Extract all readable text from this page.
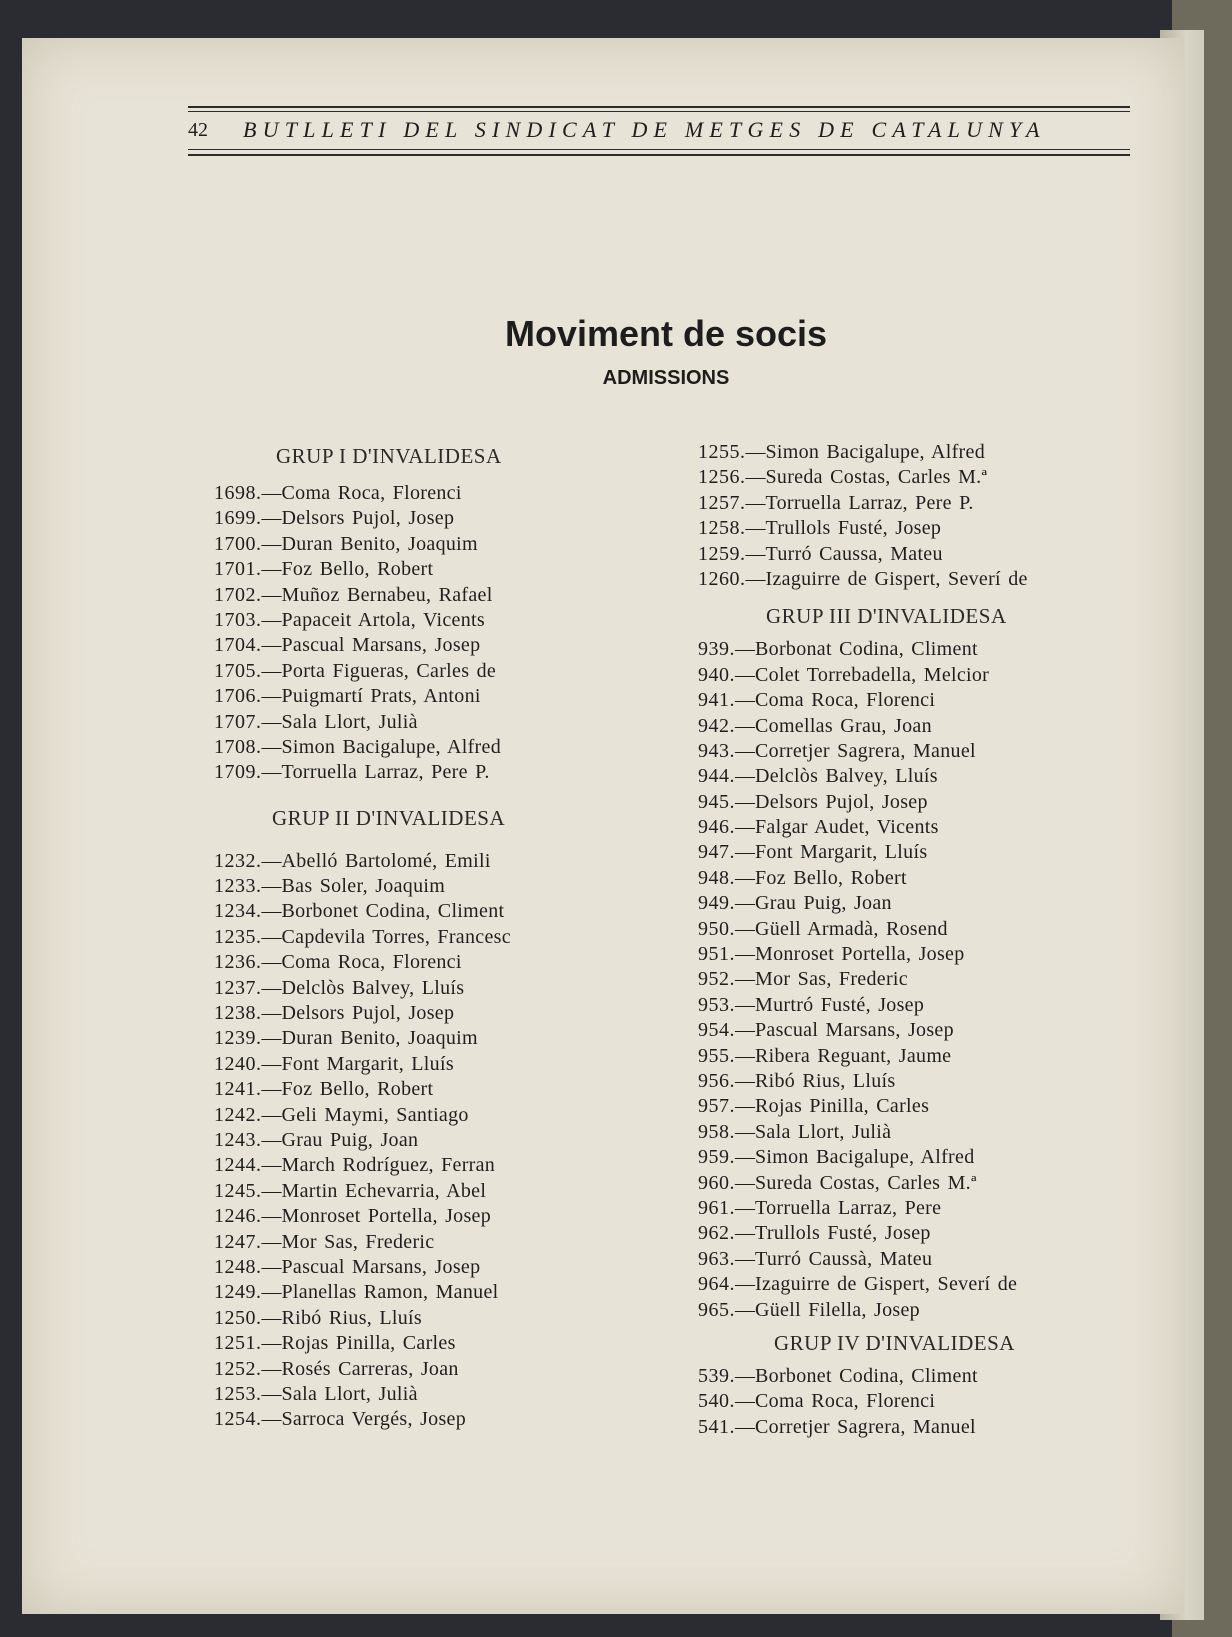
42 BUTLLETI DEL SINDICAT DE METGES DE CATALUNYA
Moviment de socis
ADMISSIONS
GRUP I D'INVALIDESA
1698.—Coma Roca, Florenci
1699.—Delsors Pujol, Josep
1700.—Duran Benito, Joaquim
1701.—Foz Bello, Robert
1702.—Muñoz Bernabeu, Rafael
1703.—Papaceit Artola, Vicents
1704.—Pascual Marsans, Josep
1705.—Porta Figueras, Carles de
1706.—Puigmartí Prats, Antoni
1707.—Sala Llort, Julià
1708.—Simon Bacigalupe, Alfred
1709.—Torruella Larraz, Pere P.
GRUP II D'INVALIDESA
1232.—Abelló Bartolomé, Emili
1233.—Bas Soler, Joaquim
1234.—Borbonet Codina, Climent
1235.—Capdevila Torres, Francesc
1236.—Coma Roca, Florenci
1237.—Delclòs Balvey, Lluís
1238.—Delsors Pujol, Josep
1239.—Duran Benito, Joaquim
1240.—Font Margarit, Lluís
1241.—Foz Bello, Robert
1242.—Geli Maymi, Santiago
1243.—Grau Puig, Joan
1244.—March Rodríguez, Ferran
1245.—Martin Echevarria, Abel
1246.—Monroset Portella, Josep
1247.—Mor Sas, Frederic
1248.—Pascual Marsans, Josep
1249.—Planellas Ramon, Manuel
1250.—Ribó Rius, Lluís
1251.—Rojas Pinilla, Carles
1252.—Rosés Carreras, Joan
1253.—Sala Llort, Julià
1254.—Sarroca Vergés, Josep
1255.—Simon Bacigalupe, Alfred
1256.—Sureda Costas, Carles M.ª
1257.—Torruella Larraz, Pere P.
1258.—Trullols Fusté, Josep
1259.—Turró Caussa, Mateu
1260.—Izaguirre de Gispert, Severí de
GRUP III D'INVALIDESA
939.—Borbonat Codina, Climent
940.—Colet Torrebadella, Melcior
941.—Coma Roca, Florenci
942.—Comellas Grau, Joan
943.—Corretjer Sagrera, Manuel
944.—Delclòs Balvey, Lluís
945.—Delsors Pujol, Josep
946.—Falgar Audet, Vicents
947.—Font Margarit, Lluís
948.—Foz Bello, Robert
949.—Grau Puig, Joan
950.—Güell Armadà, Rosend
951.—Monroset Portella, Josep
952.—Mor Sas, Frederic
953.—Murtró Fusté, Josep
954.—Pascual Marsans, Josep
955.—Ribera Reguant, Jaume
956.—Ribó Rius, Lluís
957.—Rojas Pinilla, Carles
958.—Sala Llort, Julià
959.—Simon Bacigalupe, Alfred
960.—Sureda Costas, Carles M.ª
961.—Torruella Larraz, Pere
962.—Trullols Fusté, Josep
963.—Turró Caussà, Mateu
964.—Izaguirre de Gispert, Severí de
965.—Güell Filella, Josep
GRUP IV D'INVALIDESA
539.—Borbonet Codina, Climent
540.—Coma Roca, Florenci
541.—Corretjer Sagrera, Manuel
